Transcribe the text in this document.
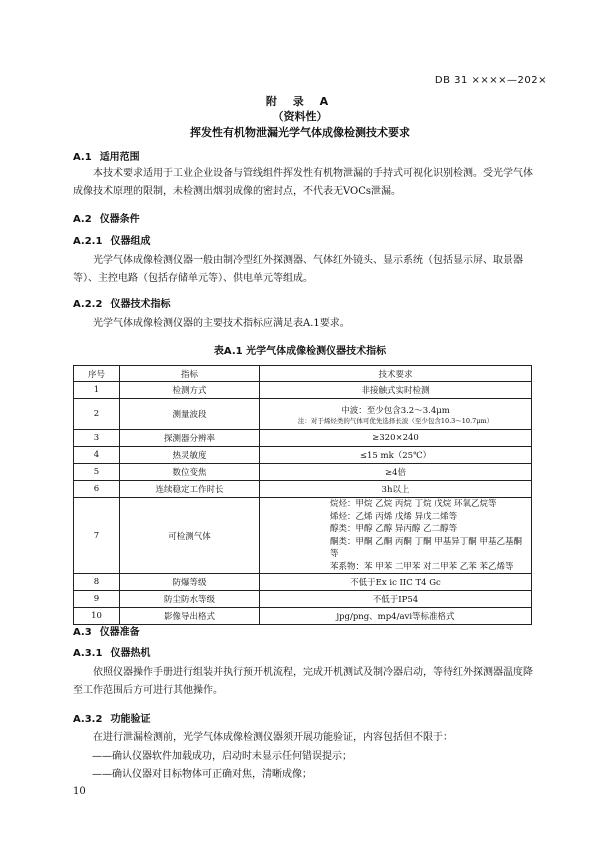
DB 31 ××××—202×
附 录 A
（资料性）
挥发性有机物泄漏光学气体成像检测技术要求
A.1 适用范围
本技术要求适用于工业企业设备与管线组件挥发性有机物泄漏的手持式可视化识别检测。受光学气体成像技术原理的限制，未检测出烟羽成像的密封点，不代表无VOCs泄漏。
A.2 仪器条件
A.2.1 仪器组成
光学气体成像检测仪器一般由制冷型红外探测器、气体红外镜头、显示系统（包括显示屏、取景器等）、主控电路（包括存储单元等）、供电单元等组成。
A.2.2 仪器技术指标
光学气体成像检测仪器的主要技术指标应满足表A.1要求。
表A.1 光学气体成像检测仪器技术指标
序号	指标	技术要求
1	检测方式	非接触式实时检测
2	测量波段	中波：至少包含3.2～3.4μm
注：对于烯烃类的气体可优先选择长波（至少包含10.3～10.7μm）

3	探测器分辨率	≥320×240
4	热灵敏度	≤15 mk（25℃）
5	数位变焦	≥4倍
6	连续稳定工作时长	3h以上
7	可检测气体	烷烃：甲烷 乙烷 丙烷 丁烷 戊烷 环氧乙烷等
烯烃：乙烯 丙烯 戊烯 异戊二烯等
醇类：甲醇 乙醇 异丙醇 乙二醇等
酮类：甲酮 乙酮 丙酮 丁酮 甲基异丁酮 甲基乙基酮等
苯系物：苯 甲苯 二甲苯 对二甲苯 乙苯 苯乙烯等

8	防爆等级	不低于Ex ic IIC T4 Gc
9	防尘防水等级	不低于IP54
10	影像导出格式	jpg/png、mp4/avi等标准格式
A.3 仪器准备
A.3.1 仪器热机
依照仪器操作手册进行组装并执行预开机流程，完成开机测试及制冷器启动，等待红外探测器温度降至工作范围后方可进行其他操作。
A.3.2 功能验证
在进行泄漏检测前，光学气体成像检测仪器须开展功能验证，内容包括但不限于：
——确认仪器软件加载成功，启动时未显示任何错误提示；
——确认仪器对目标物体可正确对焦，清晰成像；
10
